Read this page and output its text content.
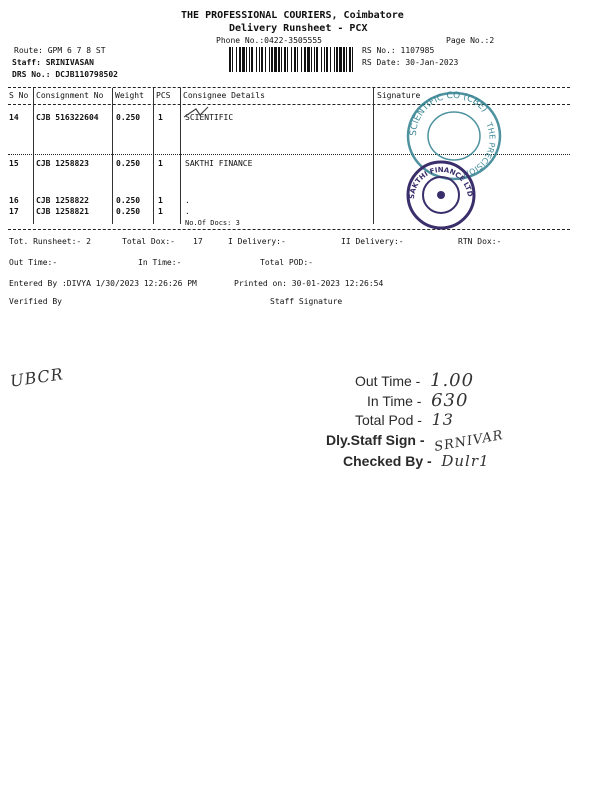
THE PROFESSIONAL COURIERS, Coimbatore
Delivery Runsheet - PCX
Phone No.:0422-3505555	Page No.:2
Route: GPM 6 7 8 ST
Staff: SRINIVASAN
DRS No.: DCJB110798502
RS No.: 1107985
RS Date: 30-Jan-2023
S No Consignment No Weight PCS Consignee Details	Signature
14 CJB 516322604 0.250 1	SCIENTIFIC
15 CJB 1258823	0.250 1	SAKTHI FINANCE
16 CJB 1258822	0.250 1	.
17 CJB 1258821	0.250 1	.
No.Of Docs: 3
Tot. Runsheet:- 2	Total Dox:- 17	I Delivery:-	II Delivery:-	RTN Dox:-
Out Time:-	In Time:-	Total POD:-
Entered By :DIVYA 1/30/2023 12:26:26 PM	Printed on: 30-01-2023 12:26:54
Verified By	Staff Signature
SCIENTIFIC CO (CBE)
THE PRECISION
SAKTHI FINANCE LTD
UBCR	Out Time - 1.00
In Time - 630
Total Pod - 13
Dly.Staff Sign - SRNIVAR
Checked By - Dulr1
